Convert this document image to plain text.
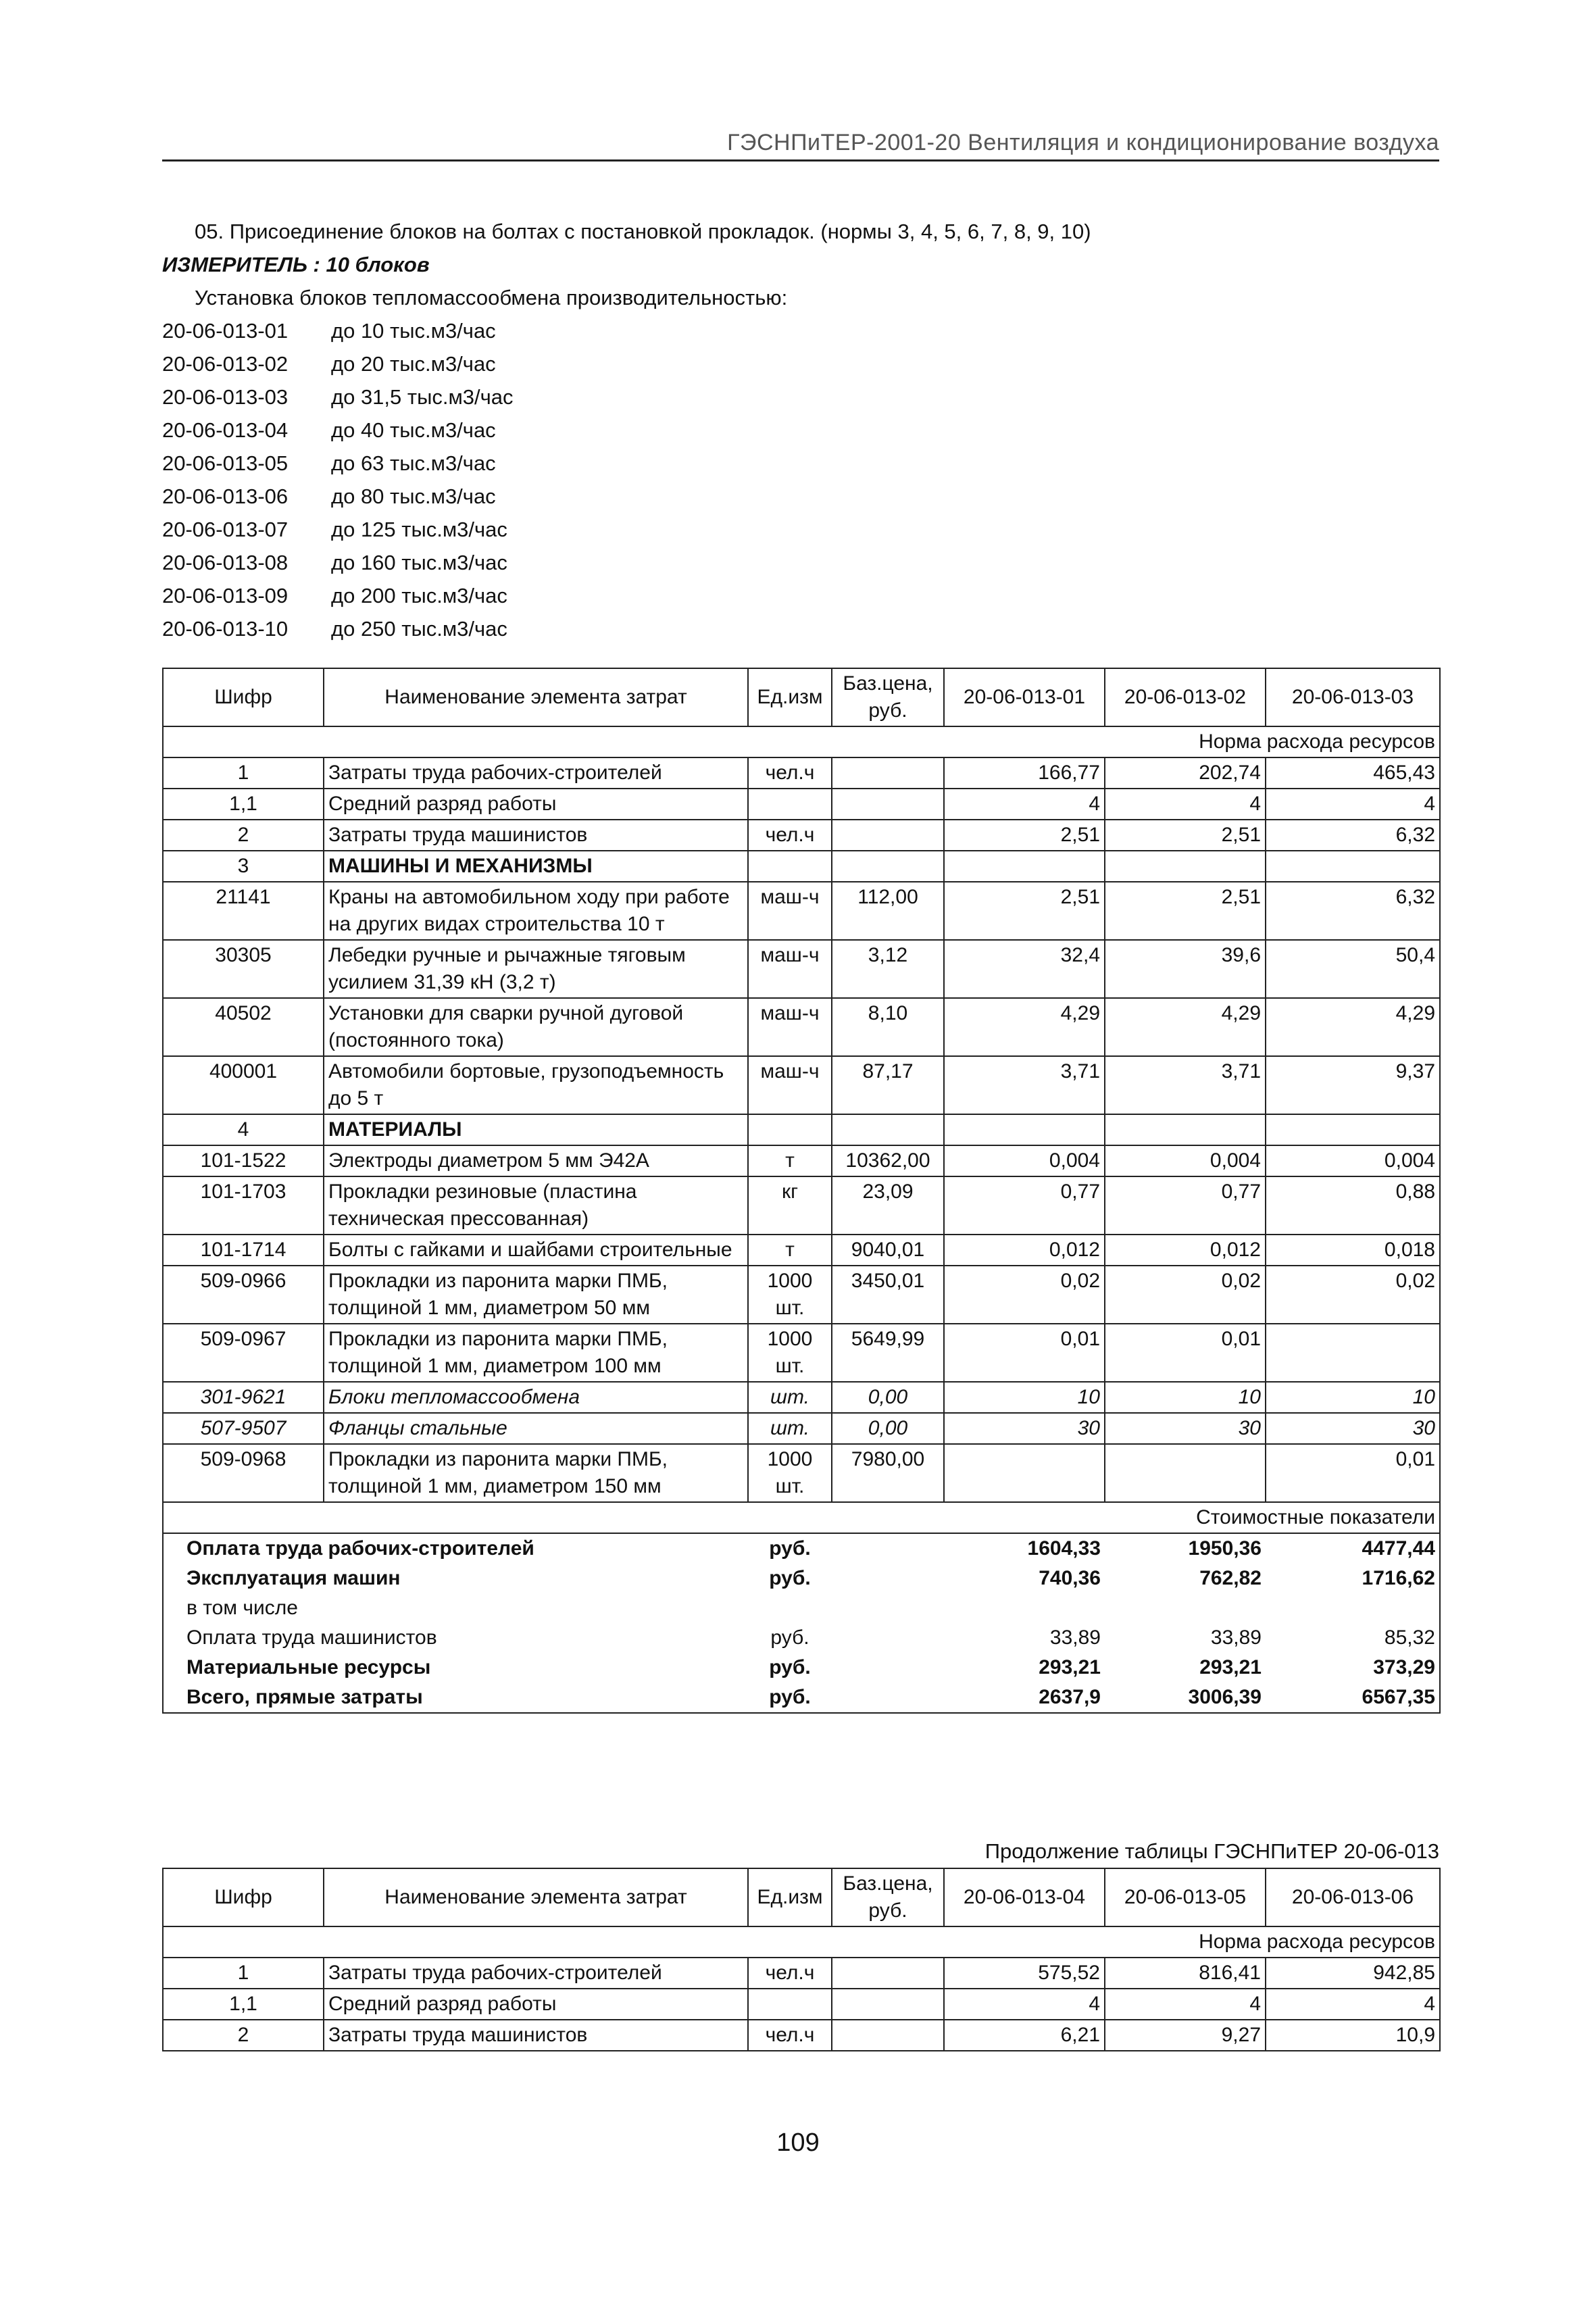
ГЭСНПиТЕР-2001-20 Вентиляция и кондиционирование воздуха
05. Присоединение блоков на болтах с постановкой прокладок. (нормы 3, 4, 5, 6, 7, 8, 9, 10)
ИЗМЕРИТЕЛЬ : 10 блоков
Установка блоков тепломассообмена производительностью:
20-06-013-01	до 10 тыс.м3/час
20-06-013-02	до 20 тыс.м3/час
20-06-013-03	до 31,5 тыс.м3/час
20-06-013-04	до 40 тыс.м3/час
20-06-013-05	до 63 тыс.м3/час
20-06-013-06	до 80 тыс.м3/час
20-06-013-07	до 125 тыс.м3/час
20-06-013-08	до 160 тыс.м3/час
20-06-013-09	до 200 тыс.м3/час
20-06-013-10	до 250 тыс.м3/час
Шифр	Наименование элемента затрат	Ед.изм	Баз.цена, руб.	20-06-013-01	20-06-013-02	20-06-013-03
Норма расхода ресурсов						
1	Затраты труда рабочих-строителей	чел.ч		166,77	202,74	465,43
1,1	Средний разряд работы			4	4	4
2	Затраты труда машинистов	чел.ч		2,51	2,51	6,32
3	МАШИНЫ И МЕХАНИЗМЫ					
21141	Краны на автомобильном ходу при работе на других видах строительства 10 т	маш-ч	112,00	2,51	2,51	6,32
30305	Лебедки ручные и рычажные тяговым усилием 31,39 кН (3,2 т)	маш-ч	3,12	32,4	39,6	50,4
40502	Установки для сварки ручной дуговой (постоянного тока)	маш-ч	8,10	4,29	4,29	4,29
400001	Автомобили бортовые, грузоподъемность до 5 т	маш-ч	87,17	3,71	3,71	9,37
4	МАТЕРИАЛЫ					
101-1522	Электроды диаметром 5 мм Э42А	т	10362,00	0,004	0,004	0,004
101-1703	Прокладки резиновые (пластина техническая прессованная)	кг	23,09	0,77	0,77	0,88
101-1714	Болты с гайками и шайбами строительные	т	9040,01	0,012	0,012	0,018
509-0966	Прокладки из паронита марки ПМБ, толщиной 1 мм, диаметром 50 мм	1000 шт.	3450,01	0,02	0,02	0,02
509-0967	Прокладки из паронита марки ПМБ, толщиной 1 мм, диаметром 100 мм	1000 шт.	5649,99	0,01	0,01	
301-9621	Блоки тепломассообмена	шт.	0,00	10	10	10
507-9507	Фланцы стальные	шт.	0,00	30	30	30
509-0968	Прокладки из паронита марки ПМБ, толщиной 1 мм, диаметром 150 мм	1000 шт.	7980,00			0,01
Стоимостные показатели						
Оплата труда рабочих-строителей		руб.		1604,33	1950,36	4477,44
Эксплуатация машин		руб.		740,36	762,82	1716,62
в том числе						
Оплата труда машинистов		руб.		33,89	33,89	85,32
Материальные ресурсы		руб.		293,21	293,21	373,29
Всего, прямые затраты		руб.		2637,9	3006,39	6567,35
Продолжение таблицы ГЭСНПиТЕР 20-06-013
Шифр	Наименование элемента затрат	Ед.изм	Баз.цена, руб.	20-06-013-04	20-06-013-05	20-06-013-06
Норма расхода ресурсов						
1	Затраты труда рабочих-строителей	чел.ч		575,52	816,41	942,85
1,1	Средний разряд работы			4	4	4
2	Затраты труда машинистов	чел.ч		6,21	9,27	10,9
109
